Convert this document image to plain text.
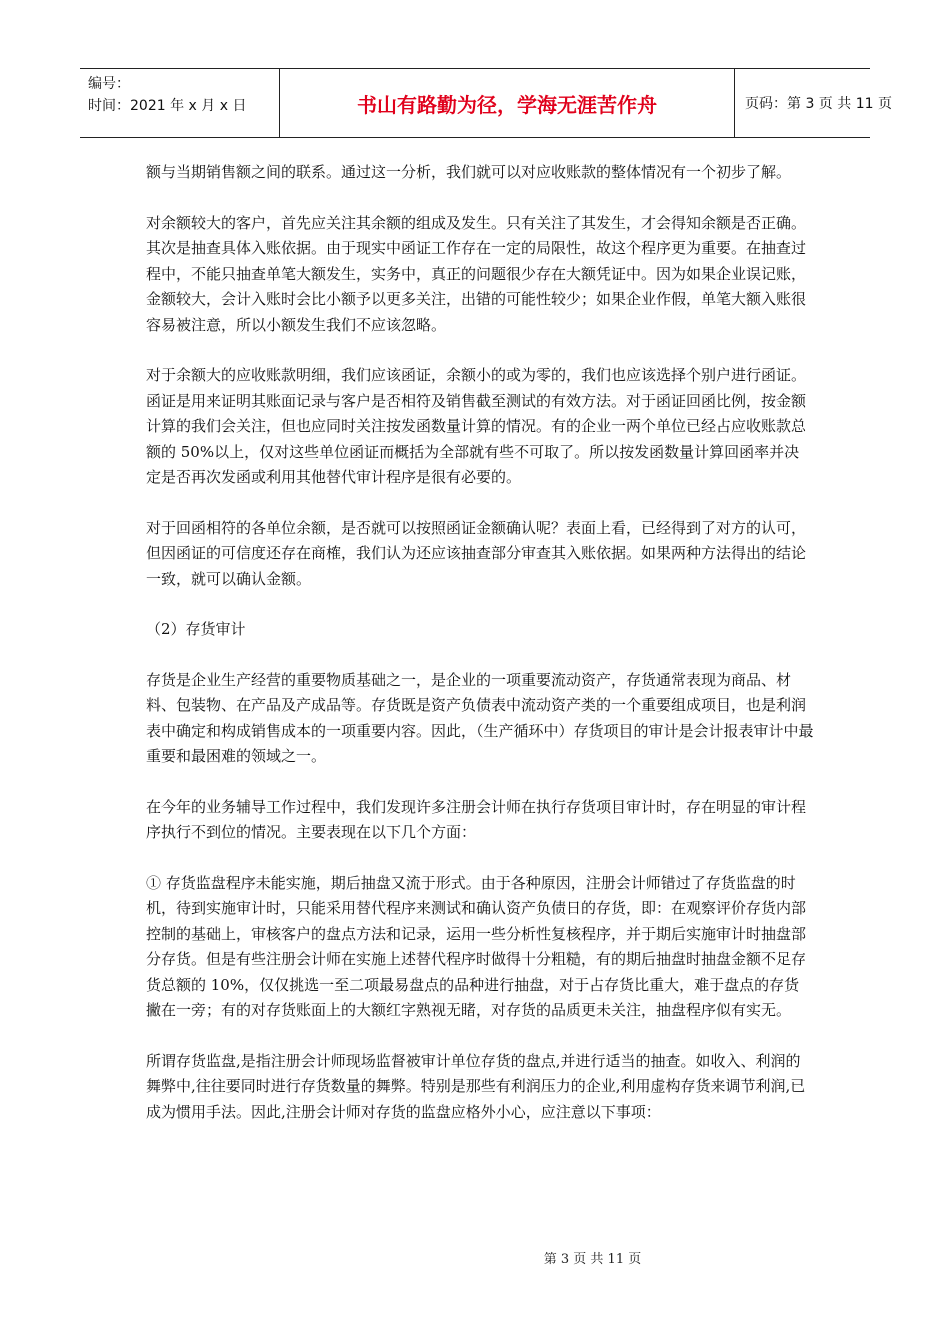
编号：
时间：2021 年 x 月 x 日	书山有路勤为径，学海无涯苦作舟	页码：第 3 页 共 11 页

额与当期销售额之间的联系。通过这一分析，我们就可以对应收账款的整体情况有一个初步了解。

对余额较大的客户，首先应关注其余额的组成及发生。只有关注了其发生，才会得知余额是否正确。其次是抽查具体入账依据。由于现实中函证工作存在一定的局限性，故这个程序更为重要。在抽查过程中，不能只抽查单笔大额发生，实务中，真正的问题很少存在大额凭证中。因为如果企业误记账，金额较大，会计入账时会比小额予以更多关注，出错的可能性较少；如果企业作假，单笔大额入账很容易被注意，所以小额发生我们不应该忽略。

对于余额大的应收账款明细，我们应该函证，余额小的或为零的，我们也应该选择个别户进行函证。函证是用来证明其账面记录与客户是否相符及销售截至测试的有效方法。对于函证回函比例，按金额计算的我们会关注，但也应同时关注按发函数量计算的情况。有的企业一两个单位已经占应收账款总额的 50%以上，仅对这些单位函证而概括为全部就有些不可取了。所以按发函数量计算回函率并决定是否再次发函或利用其他替代审计程序是很有必要的。

对于回函相符的各单位余额，是否就可以按照函证金额确认呢？表面上看，已经得到了对方的认可，但因函证的可信度还存在商榷，我们认为还应该抽查部分审查其入账依据。如果两种方法得出的结论一致，就可以确认金额。

（2）存货审计

存货是企业生产经营的重要物质基础之一，是企业的一项重要流动资产，存货通常表现为商品、材料、包装物、在产品及产成品等。存货既是资产负债表中流动资产类的一个重要组成项目，也是利润表中确定和构成销售成本的一项重要内容。因此，（生产循环中）存货项目的审计是会计报表审计中最重要和最困难的领域之一。

在今年的业务辅导工作过程中，我们发现许多注册会计师在执行存货项目审计时，存在明显的审计程序执行不到位的情况。主要表现在以下几个方面：

① 存货监盘程序未能实施，期后抽盘又流于形式。由于各种原因，注册会计师错过了存货监盘的时机，待到实施审计时，只能采用替代程序来测试和确认资产负债日的存货，即：在观察评价存货内部控制的基础上，审核客户的盘点方法和记录，运用一些分析性复核程序，并于期后实施审计时抽盘部分存货。但是有些注册会计师在实施上述替代程序时做得十分粗糙，有的期后抽盘时抽盘金额不足存货总额的 10%，仅仅挑选一至二项最易盘点的品种进行抽盘，对于占存货比重大，难于盘点的存货撇在一旁；有的对存货账面上的大额红字熟视无睹，对存货的品质更未关注，抽盘程序似有实无。

所谓存货监盘,是指注册会计师现场监督被审计单位存货的盘点,并进行适当的抽查。如收入、利润的舞弊中,往往要同时进行存货数量的舞弊。特别是那些有利润压力的企业,利用虚构存货来调节利润,已成为惯用手法。因此,注册会计师对存货的监盘应格外小心，应注意以下事项：

第 3 页 共 11 页
